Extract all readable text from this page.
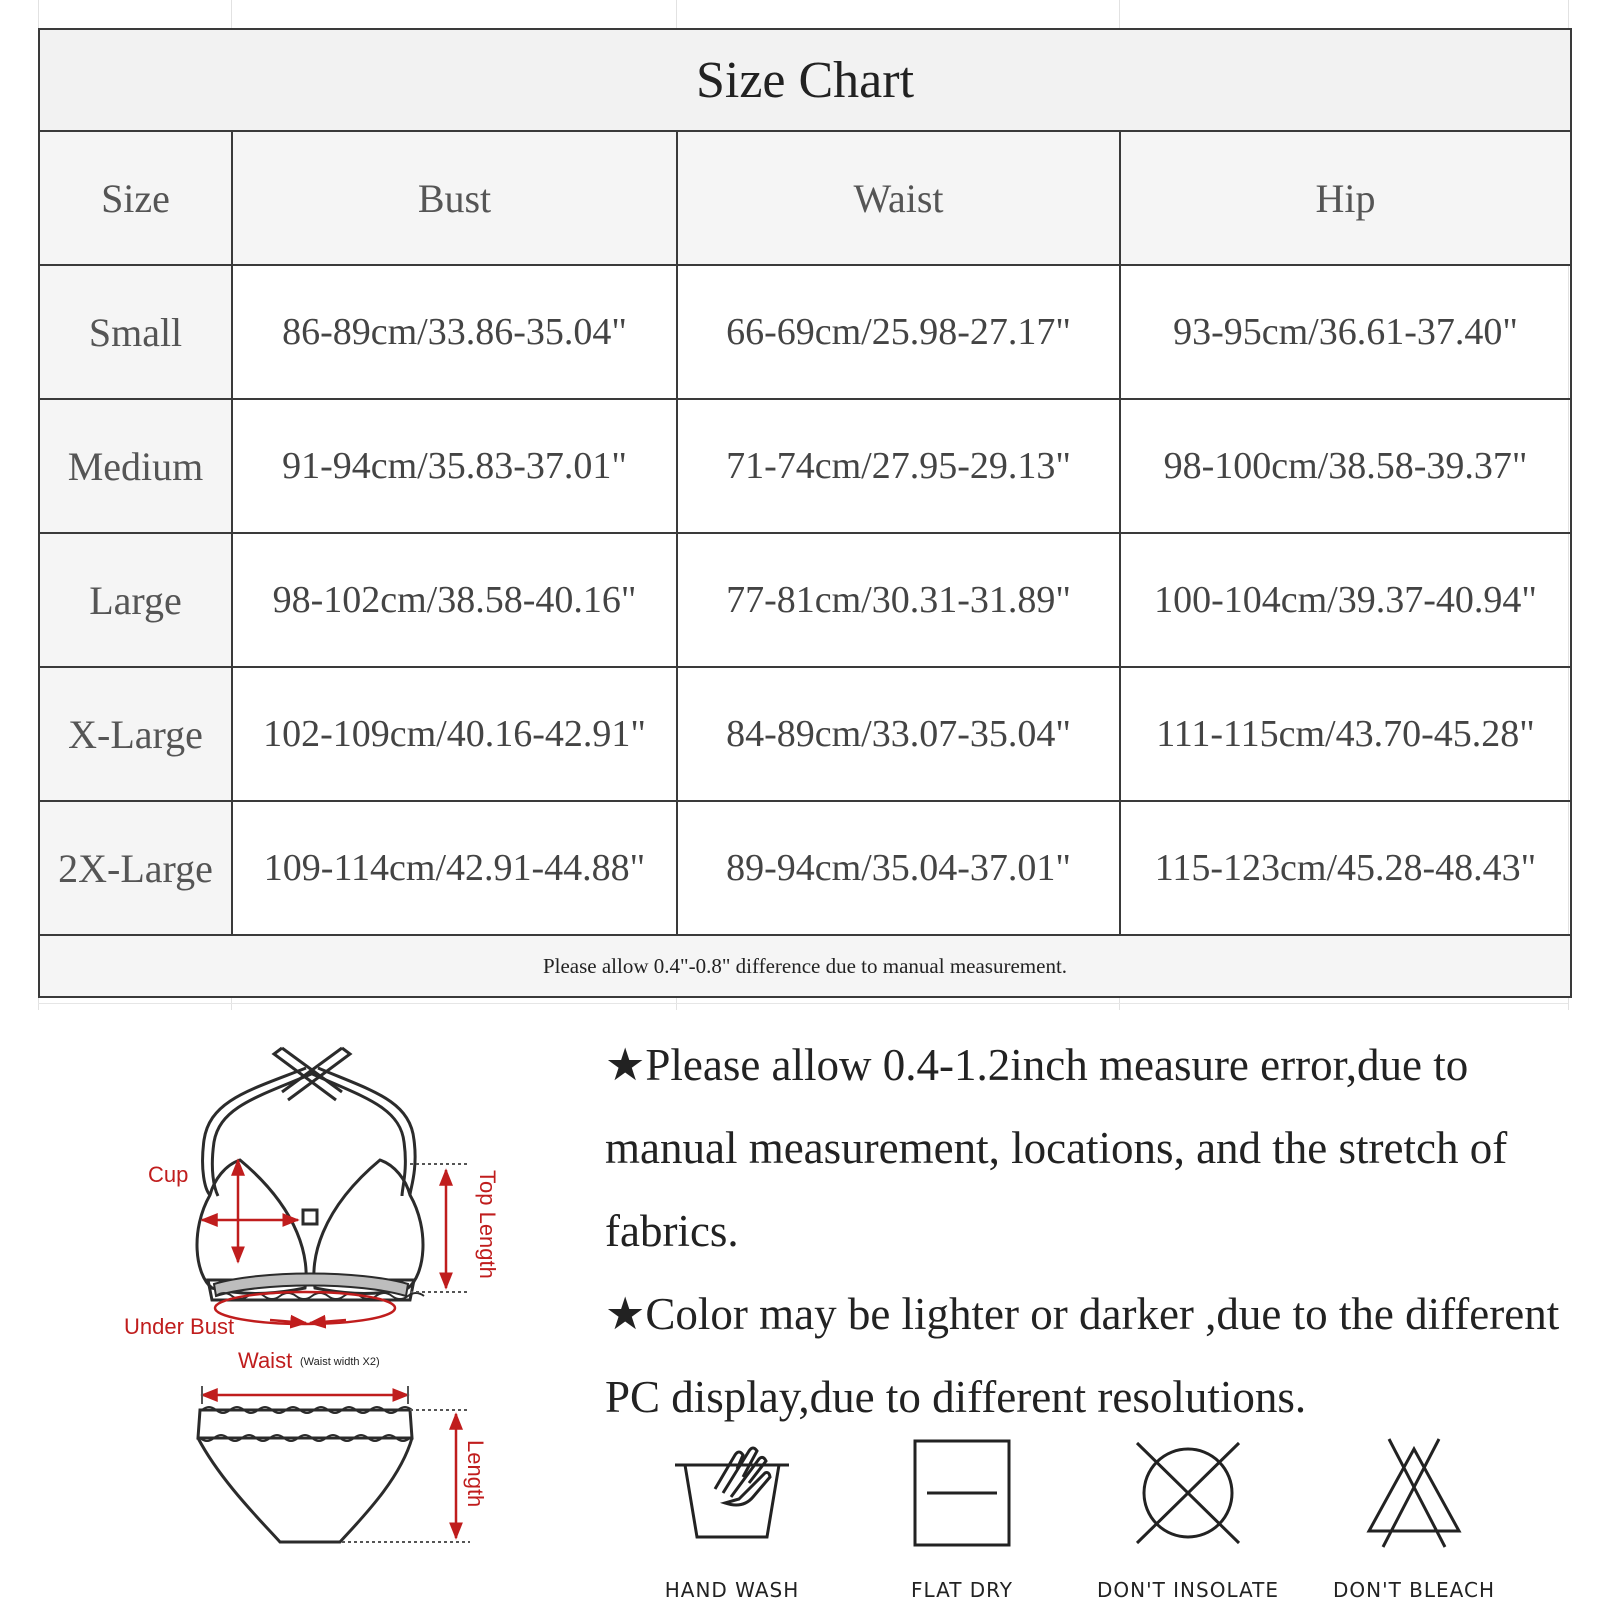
Size Chart			
Size	Bust	Waist	Hip
Small	86-89cm/33.86-35.04"	66-69cm/25.98-27.17"	93-95cm/36.61-37.40"
Medium	91-94cm/35.83-37.01"	71-74cm/27.95-29.13"	98-100cm/38.58-39.37"
Large	98-102cm/38.58-40.16"	77-81cm/30.31-31.89"	100-104cm/39.37-40.94"
X-Large	102-109cm/40.16-42.91"	84-89cm/33.07-35.04"	111-115cm/43.70-45.28"
2X-Large	109-114cm/42.91-44.88"	89-94cm/35.04-37.01"	115-123cm/45.28-48.43"
Please allow 0.4"-0.8" difference due to manual measurement.			
Cup	Top Length
Under Bust
Waist (Waist width X2)
Length

★Please allow 0.4-1.2inch measure error,due to manual measurement, locations, and the stretch of fabrics.

★Color may be lighter or darker ,due to the different PC display,due to different resolutions.

HAND WASH	FLAT DRY	DON'T INSOLATE	DON'T BLEACH
